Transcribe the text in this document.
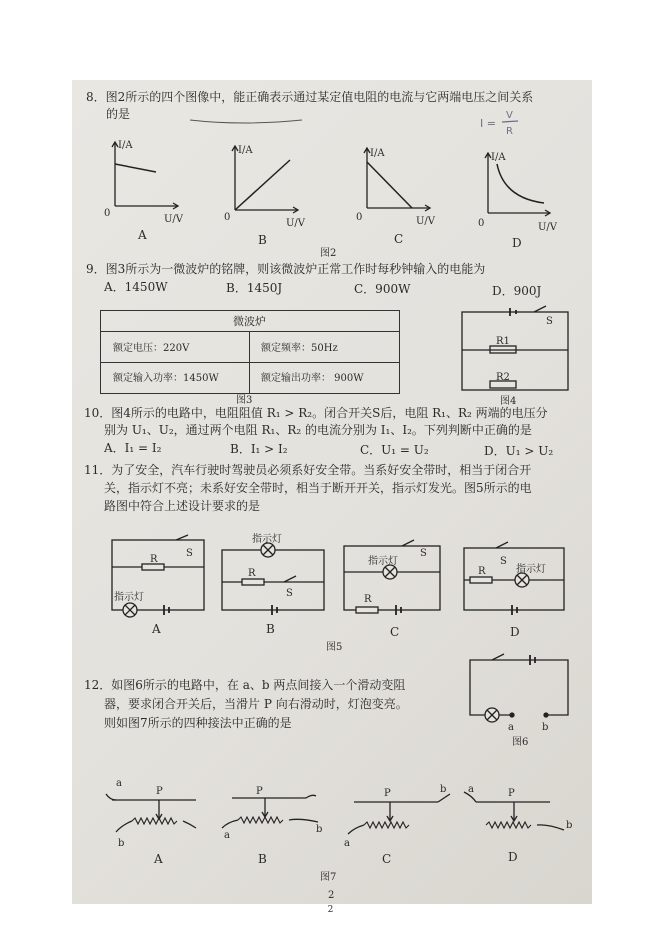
8．图2所示的四个图像中，能正确表示通过某定值电阻的电流与它两端电压之间关系
的是
I =
V
R
I/A
0
U/V
A
I/A
0
U/V
B
I/A
0	U/V
C
I/A
0	U/V
D
图2
9．图3所示为一微波炉的铭牌，则该微波炉正常工作时每秒钟输入的电能为
A．1450W	B．1450J	C．900W	D．900J
微波炉
额定电压：220V	额定频率：50Hz
额定输入功率：1450W	额定输出功率： 900W
图3
S
R1
R2
图4
10．图4所示的电路中，电阻阻值 R₁ > R₂。闭合开关S后，电阻 R₁、R₂ 两端的电压分
别为 U₁、U₂，通过两个电阻 R₁、R₂ 的电流分别为 I₁、I₂。下列判断中正确的是
A．I₁ = I₂	B．I₁ > I₂	C．U₁ = U₂	D．U₁ > U₂
11．为了安全，汽车行驶时驾驶员必须系好安全带。当系好安全带时，相当于闭合开
关，指示灯不亮；未系好安全带时，相当于断开开关，指示灯发光。图5所示的电
路图中符合上述设计要求的是
R
S
指示灯
A
指示灯
R
S
B
S
指示灯
R
C
S
R	指示灯
D
图5
12．如图6所示的电路中，在 a、b 两点间接入一个滑动变阻
器，要求闭合开关后，当滑片 P 向右滑动时，灯泡变亮。
则如图7所示的四种接法中正确的是	a	b
图6
a
P
b
A
P
a
b
B
P	b
a
C
a	P
b
D
图7
2
2
